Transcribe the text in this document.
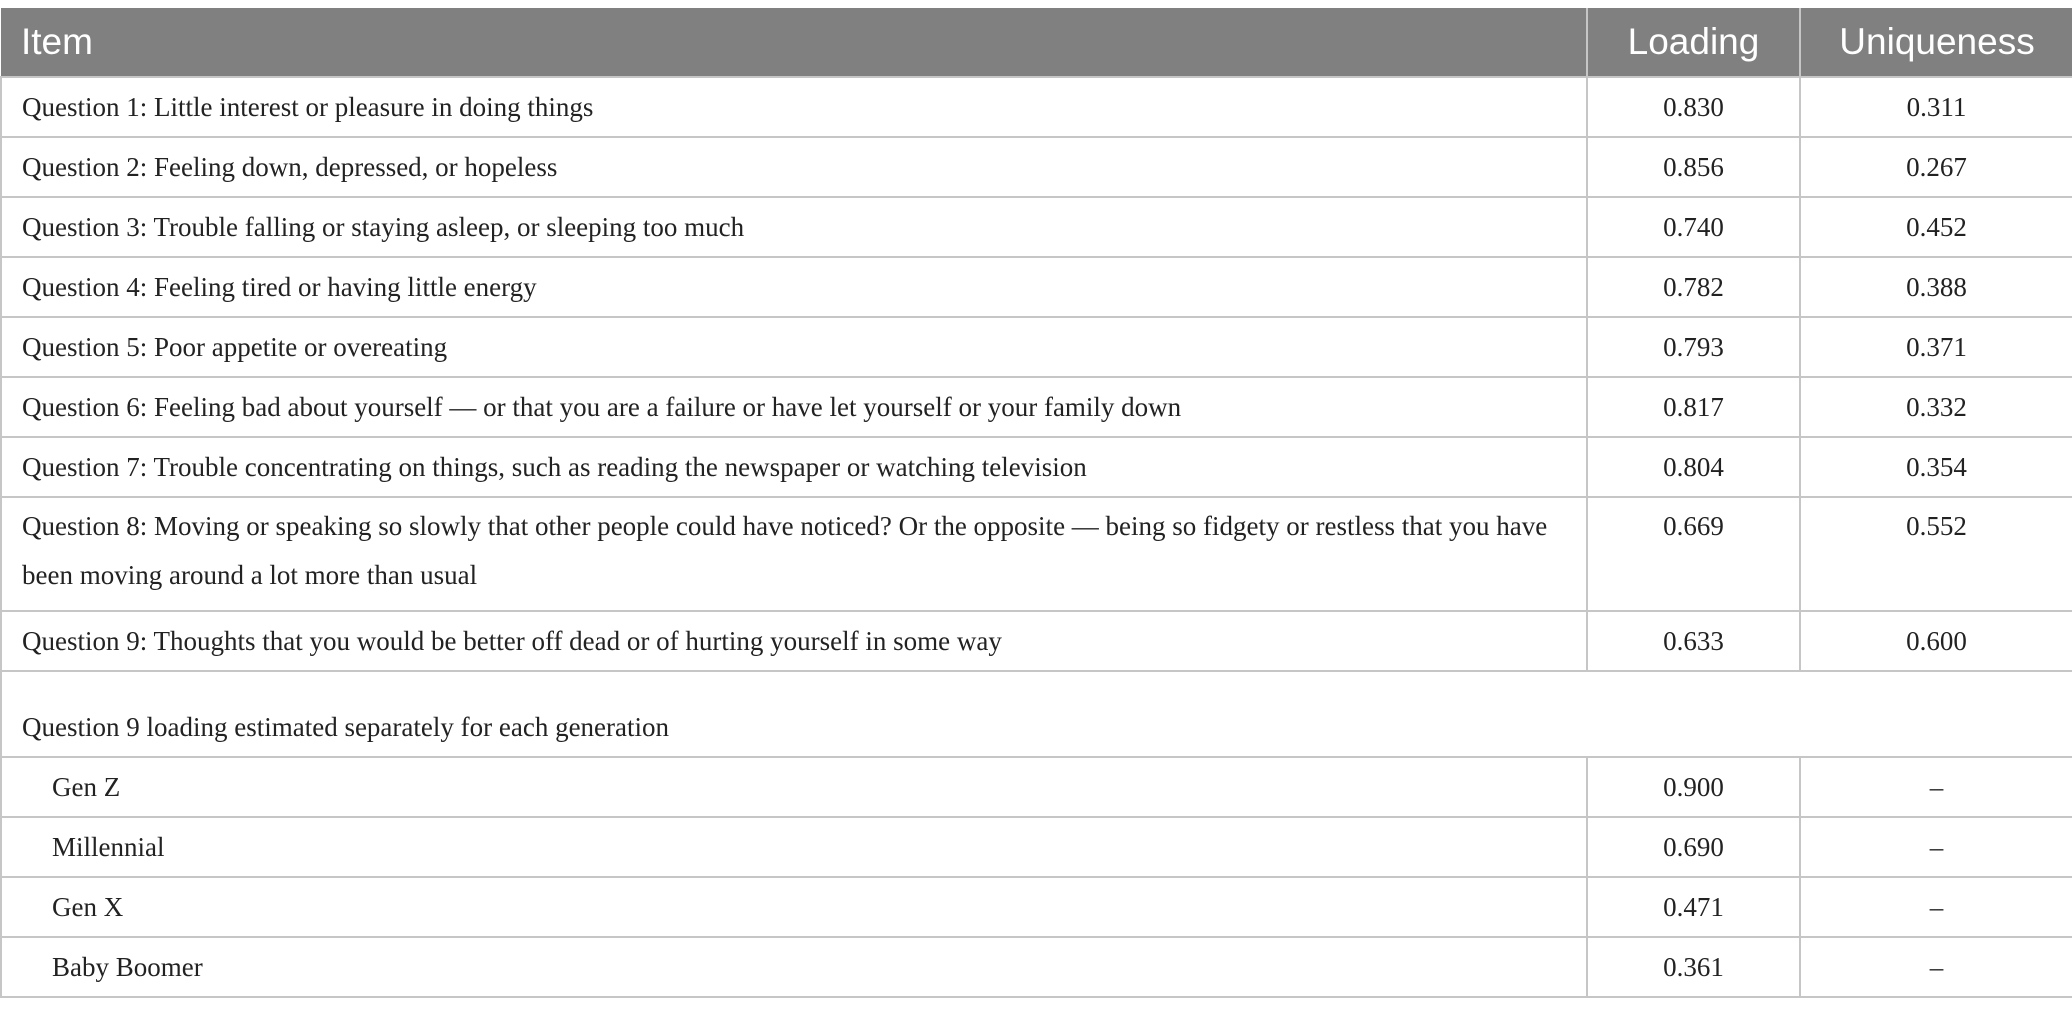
Item	Loading	Uniqueness
Question 1: Little interest or pleasure in doing things	0.830	0.311
Question 2: Feeling down, depressed, or hopeless	0.856	0.267
Question 3: Trouble falling or staying asleep, or sleeping too much	0.740	0.452
Question 4: Feeling tired or having little energy	0.782	0.388
Question 5: Poor appetite or overeating	0.793	0.371
Question 6: Feeling bad about yourself — or that you are a failure or have let yourself or your family down	0.817	0.332
Question 7: Trouble concentrating on things, such as reading the newspaper or watching television	0.804	0.354
Question 8: Moving or speaking so slowly that other people could have noticed? Or the opposite — being so fidgety or restless that you have been moving around a lot more than usual	0.669	0.552
Question 9: Thoughts that you would be better off dead or of hurting yourself in some way	0.633	0.600
Question 9 loading estimated separately for each generation		
Gen Z	0.900	–
Millennial	0.690	–
Gen X	0.471	–
Baby Boomer	0.361	–
